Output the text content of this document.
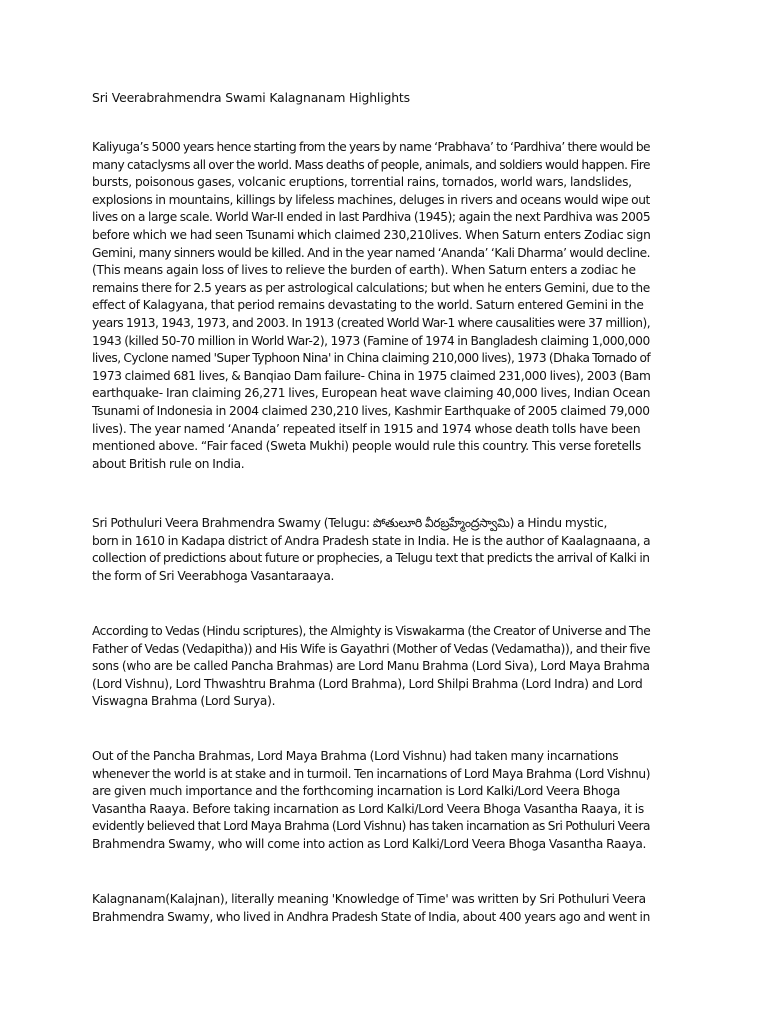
Sri Veerabrahmendra Swami Kalagnanam Highlights

Kaliyuga’s 5000 years hence starting from the years by name ‘Prabhava’ to ‘Pardhiva’ there would be
many cataclysms all over the world. Mass deaths of people, animals, and soldiers would happen. Fire
bursts, poisonous gases, volcanic eruptions, torrential rains, tornados, world wars, landslides,
explosions in mountains, killings by lifeless machines, deluges in rivers and oceans would wipe out
lives on a large scale. World War-II ended in last Pardhiva (1945); again the next Pardhiva was 2005
before which we had seen Tsunami which claimed 230,210lives. When Saturn enters Zodiac sign
Gemini, many sinners would be killed. And in the year named ‘Ananda’ ‘Kali Dharma’ would decline.
(This means again loss of lives to relieve the burden of earth). When Saturn enters a zodiac he
remains there for 2.5 years as per astrological calculations; but when he enters Gemini, due to the
effect of Kalagyana, that period remains devastating to the world. Saturn entered Gemini in the
years 1913, 1943, 1973, and 2003. In 1913 (created World War-1 where causalities were 37 million),
1943 (killed 50-70 million in World War-2), 1973 (Famine of 1974 in Bangladesh claiming 1,000,000
lives, Cyclone named 'Super Typhoon Nina' in China claiming 210,000 lives), 1973 (Dhaka Tornado of
1973 claimed 681 lives, & Banqiao Dam failure- China in 1975 claimed 231,000 lives), 2003 (Bam
earthquake- Iran claiming 26,271 lives, European heat wave claiming 40,000 lives, Indian Ocean
Tsunami of Indonesia in 2004 claimed 230,210 lives, Kashmir Earthquake of 2005 claimed 79,000
lives). The year named ‘Ananda’ repeated itself in 1915 and 1974 whose death tolls have been
mentioned above. “Fair faced (Sweta Mukhi) people would rule this country. This verse foretells
about British rule on India.

Sri Pothuluri Veera Brahmendra Swamy (Telugu: పోతులూరి వీరబ్రహ్మేంద్రస్వామి) a Hindu mystic,
born in 1610 in Kadapa district of Andra Pradesh state in India. He is the author of Kaalagnaana, a
collection of predictions about future or prophecies, a Telugu text that predicts the arrival of Kalki in
the form of Sri Veerabhoga Vasantaraaya.

According to Vedas (Hindu scriptures), the Almighty is Viswakarma (the Creator of Universe and The
Father of Vedas (Vedapitha)) and His Wife is Gayathri (Mother of Vedas (Vedamatha)), and their five
sons (who are be called Pancha Brahmas) are Lord Manu Brahma (Lord Siva), Lord Maya Brahma
(Lord Vishnu), Lord Thwashtru Brahma (Lord Brahma), Lord Shilpi Brahma (Lord Indra) and Lord
Viswagna Brahma (Lord Surya).

Out of the Pancha Brahmas, Lord Maya Brahma (Lord Vishnu) had taken many incarnations
whenever the world is at stake and in turmoil. Ten incarnations of Lord Maya Brahma (Lord Vishnu)
are given much importance and the forthcoming incarnation is Lord Kalki/Lord Veera Bhoga
Vasantha Raaya. Before taking incarnation as Lord Kalki/Lord Veera Bhoga Vasantha Raaya, it is
evidently believed that Lord Maya Brahma (Lord Vishnu) has taken incarnation as Sri Pothuluri Veera
Brahmendra Swamy, who will come into action as Lord Kalki/Lord Veera Bhoga Vasantha Raaya.

Kalagnanam(Kalajnan), literally meaning 'Knowledge of Time' was written by Sri Pothuluri Veera
Brahmendra Swamy, who lived in Andhra Pradesh State of India, about 400 years ago and went in
